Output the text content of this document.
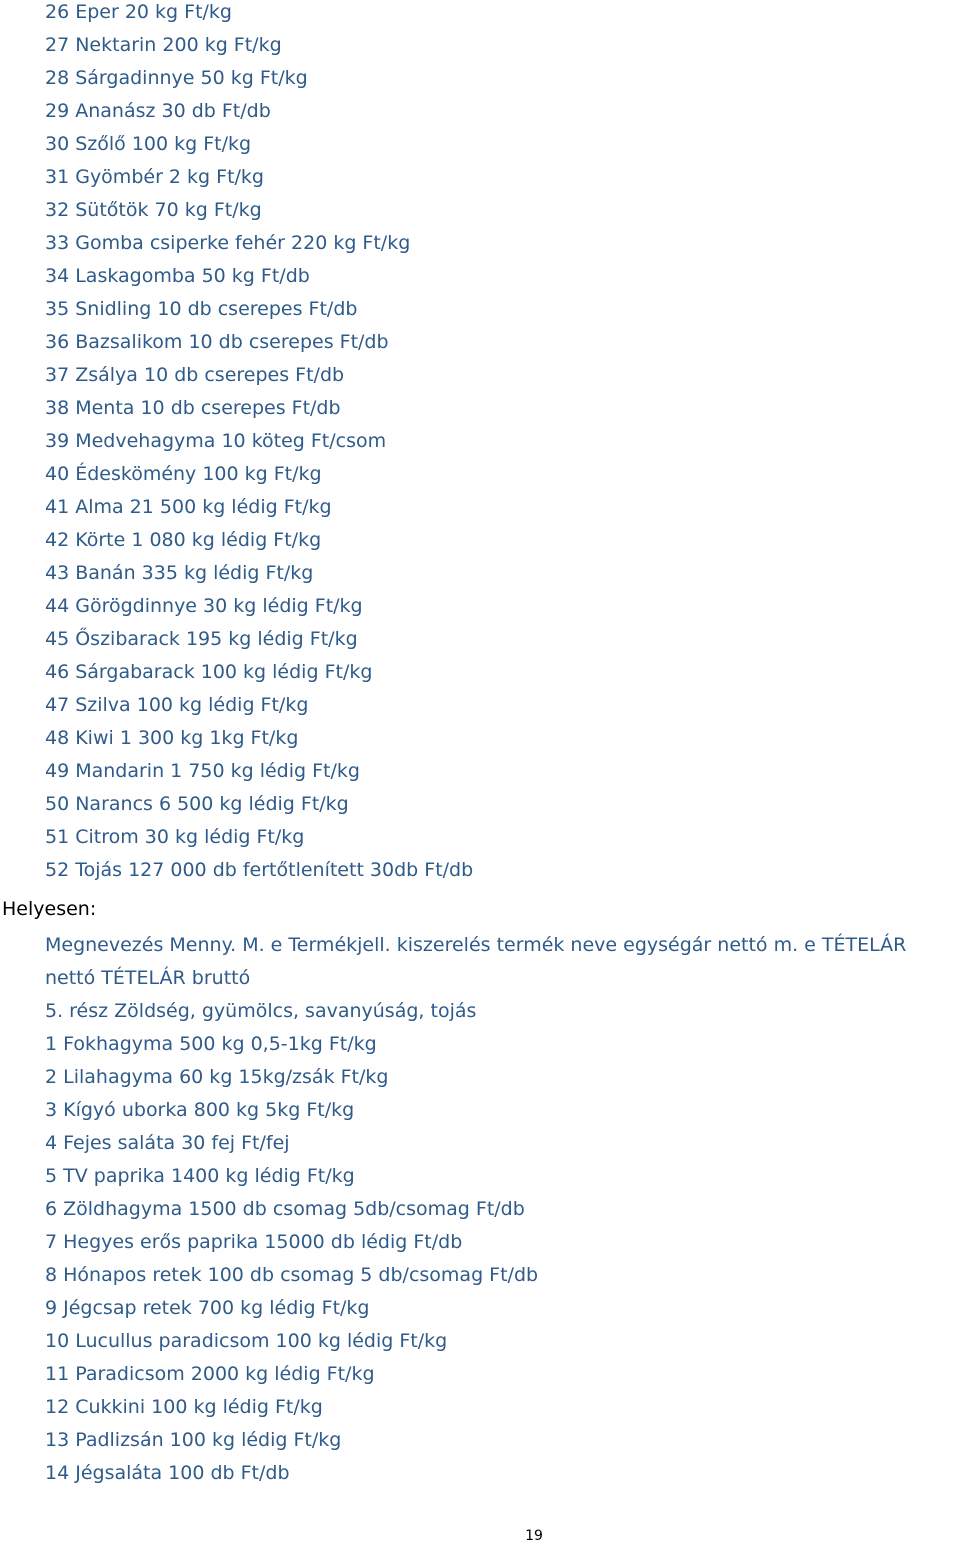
26 Eper 20 kg Ft/kg
27 Nektarin 200 kg Ft/kg
28 Sárgadinnye 50 kg Ft/kg
29 Ananász 30 db Ft/db
30 Szőlő 100 kg Ft/kg
31 Gyömbér 2 kg Ft/kg
32 Sütőtök 70 kg Ft/kg
33 Gomba csiperke fehér 220 kg Ft/kg
34 Laskagomba 50 kg Ft/db
35 Snidling 10 db cserepes Ft/db
36 Bazsalikom 10 db cserepes Ft/db
37 Zsálya 10 db cserepes Ft/db
38 Menta 10 db cserepes Ft/db
39 Medvehagyma 10 köteg Ft/csom
40 Édeskömény 100 kg Ft/kg
41 Alma 21 500 kg lédig Ft/kg
42 Körte 1 080 kg lédig Ft/kg
43 Banán 335 kg lédig Ft/kg
44 Görögdinnye 30 kg lédig Ft/kg
45 Őszibarack 195 kg lédig Ft/kg
46 Sárgabarack 100 kg lédig Ft/kg
47 Szilva 100 kg lédig Ft/kg
48 Kiwi 1 300 kg 1kg Ft/kg
49 Mandarin 1 750 kg lédig Ft/kg
50 Narancs 6 500 kg lédig Ft/kg
51 Citrom 30 kg lédig Ft/kg
52 Tojás 127 000 db fertőtlenített 30db Ft/db
Helyesen:
Megnevezés Menny. M. e Termékjell. kiszerelés termék neve egységár nettó m. e TÉTELÁR
nettó TÉTELÁR bruttó
5. rész Zöldség, gyümölcs, savanyúság, tojás
1 Fokhagyma 500 kg 0,5-1kg Ft/kg
2 Lilahagyma 60 kg 15kg/zsák Ft/kg
3 Kígyó uborka 800 kg 5kg Ft/kg
4 Fejes saláta 30 fej Ft/fej
5 TV paprika 1400 kg lédig Ft/kg
6 Zöldhagyma 1500 db csomag 5db/csomag Ft/db
7 Hegyes erős paprika 15000 db lédig Ft/db
8 Hónapos retek 100 db csomag 5 db/csomag Ft/db
9 Jégcsap retek 700 kg lédig Ft/kg
10 Lucullus paradicsom 100 kg lédig Ft/kg
11 Paradicsom 2000 kg lédig Ft/kg
12 Cukkini 100 kg lédig Ft/kg
13 Padlizsán 100 kg lédig Ft/kg
14 Jégsaláta 100 db Ft/db
19
